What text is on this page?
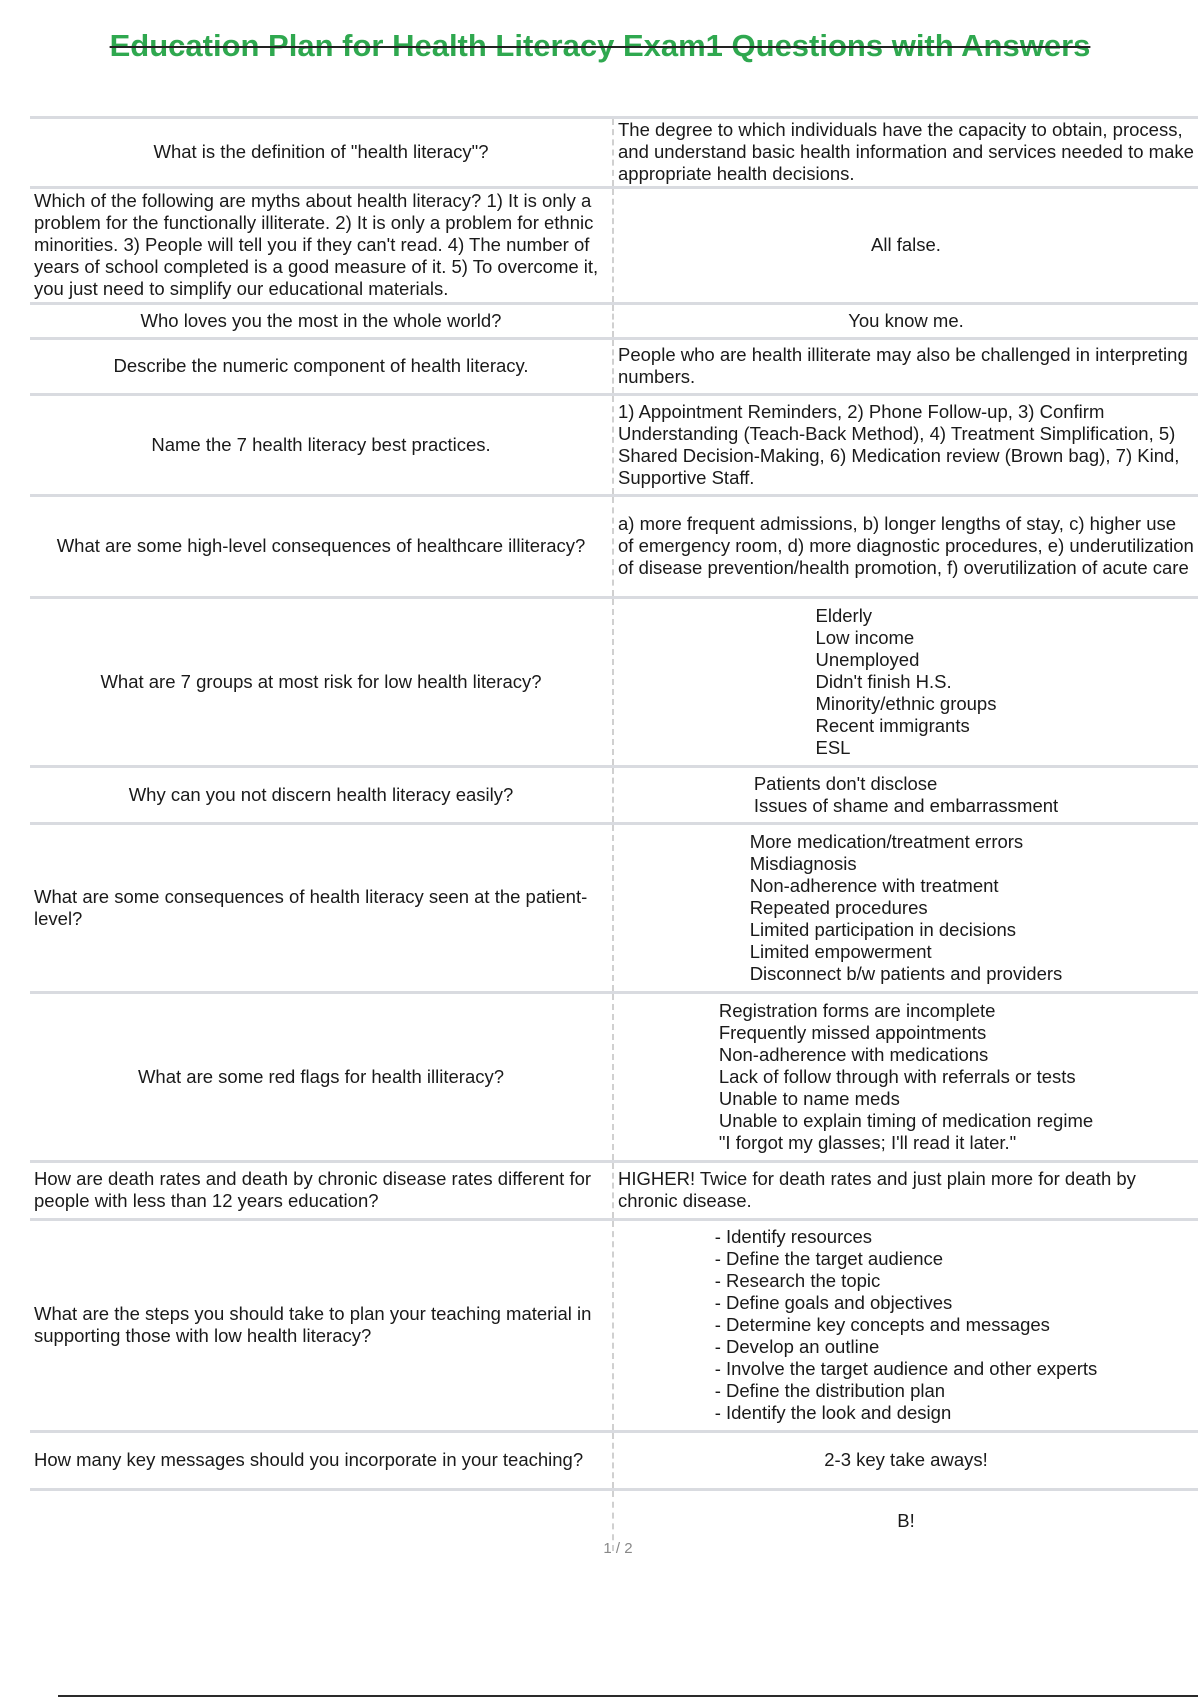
Education Plan for Health Literacy Exam1 Questions with Answers
What is the definition of "health literacy"?
The degree to which individuals have the capacity to obtain, process, and understand basic health information and services needed to make appropriate health decisions.
Which of the following are myths about health literacy? 1) It is only a problem for the functionally illiterate. 2) It is only a problem for ethnic minorities. 3) People will tell you if they can't read. 4) The number of years of school completed is a good measure of it. 5) To overcome it, you just need to simplify our educational materials.
All false.
Who loves you the most in the whole world?	You know me.
Describe the numeric component of health literacy.
People who are health illiterate may also be challenged in interpreting numbers.
Name the 7 health literacy best practices.
1) Appointment Reminders, 2) Phone Follow-up, 3) Confirm Understanding (Teach-Back Method), 4) Treatment Simplification, 5) Shared Decision-Making, 6) Medication review (Brown bag), 7) Kind, Supportive Staff.
What are some high-level consequences of healthcare illiteracy?
a) more frequent admissions, b) longer lengths of stay, c) higher use of emergency room, d) more diagnostic procedures, e) underutilization of disease prevention/health promotion, f) overutilization of acute care
What are 7 groups at most risk for low health literacy?
Elderly
Low income
Unemployed
Didn't finish H.S.
Minority/ethnic groups
Recent immigrants
ESL
Why can you not discern health literacy easily?
Patients don't disclose
Issues of shame and embarrassment
What are some consequences of health literacy seen at the patient-level?
More medication/treatment errors
Misdiagnosis
Non-adherence with treatment
Repeated procedures
Limited participation in decisions
Limited empowerment
Disconnect b/w patients and providers
What are some red flags for health illiteracy?
Registration forms are incomplete
Frequently missed appointments
Non-adherence with medications
Lack of follow through with referrals or tests
Unable to name meds
Unable to explain timing of medication regime
"I forgot my glasses; I'll read it later."
How are death rates and death by chronic disease rates different for people with less than 12 years education?
HIGHER! Twice for death rates and just plain more for death by chronic disease.
What are the steps you should take to plan your teaching material in supporting those with low health literacy?
- Identify resources
- Define the target audience
- Research the topic
- Define goals and objectives
- Determine key concepts and messages
- Develop an outline
- Involve the target audience and other experts
- Define the distribution plan
- Identify the look and design
How many key messages should you incorporate in your teaching?	2-3 key take aways!
B!
1 / 2
